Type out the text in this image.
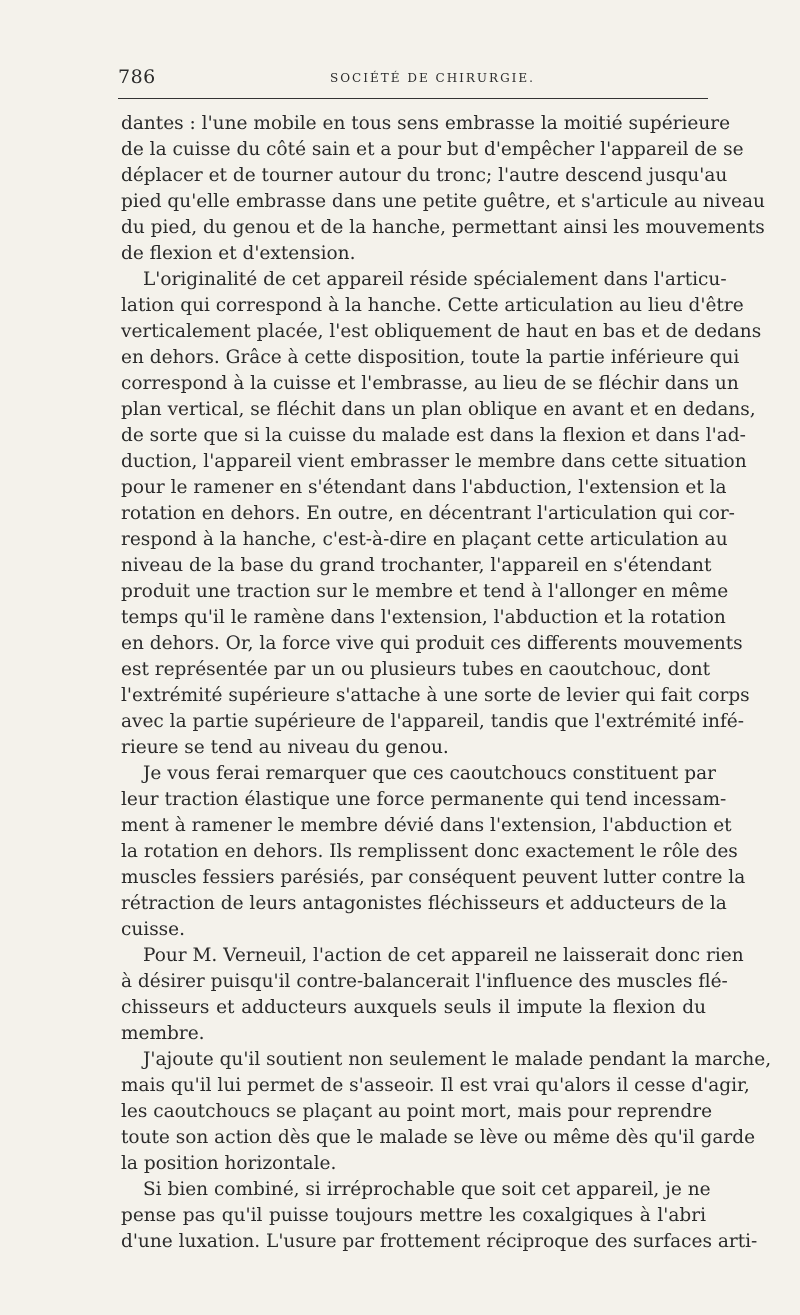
786	SOCIÉTÉ DE CHIRURGIE.
dantes : l'une mobile en tous sens embrasse la moitié supérieure
de la cuisse du côté sain et a pour but d'empêcher l'appareil de se
déplacer et de tourner autour du tronc; l'autre descend jusqu'au
pied qu'elle embrasse dans une petite guêtre, et s'articule au niveau
du pied, du genou et de la hanche, permettant ainsi les mouvements
de flexion et d'extension.
L'originalité de cet appareil réside spécialement dans l'articu-
lation qui correspond à la hanche. Cette articulation au lieu d'être
verticalement placée, l'est obliquement de haut en bas et de dedans
en dehors. Grâce à cette disposition, toute la partie inférieure qui
correspond à la cuisse et l'embrasse, au lieu de se fléchir dans un
plan vertical, se fléchit dans un plan oblique en avant et en dedans,
de sorte que si la cuisse du malade est dans la flexion et dans l'ad-
duction, l'appareil vient embrasser le membre dans cette situation
pour le ramener en s'étendant dans l'abduction, l'extension et la
rotation en dehors. En outre, en décentrant l'articulation qui cor-
respond à la hanche, c'est-à-dire en plaçant cette articulation au
niveau de la base du grand trochanter, l'appareil en s'étendant
produit une traction sur le membre et tend à l'allonger en même
temps qu'il le ramène dans l'extension, l'abduction et la rotation
en dehors. Or, la force vive qui produit ces differents mouvements
est représentée par un ou plusieurs tubes en caoutchouc, dont
l'extrémité supérieure s'attache à une sorte de levier qui fait corps
avec la partie supérieure de l'appareil, tandis que l'extrémité infé-
rieure se tend au niveau du genou.
Je vous ferai remarquer que ces caoutchoucs constituent par
leur traction élastique une force permanente qui tend incessam-
ment à ramener le membre dévié dans l'extension, l'abduction et
la rotation en dehors. Ils remplissent donc exactement le rôle des
muscles fessiers parésiés, par conséquent peuvent lutter contre la
rétraction de leurs antagonistes fléchisseurs et adducteurs de la
cuisse.
Pour M. Verneuil, l'action de cet appareil ne laisserait donc rien
à désirer puisqu'il contre-balancerait l'influence des muscles flé-
chisseurs et adducteurs auxquels seuls il impute la flexion du
membre.
J'ajoute qu'il soutient non seulement le malade pendant la marche,
mais qu'il lui permet de s'asseoir. Il est vrai qu'alors il cesse d'agir,
les caoutchoucs se plaçant au point mort, mais pour reprendre
toute son action dès que le malade se lève ou même dès qu'il garde
la position horizontale.
Si bien combiné, si irréprochable que soit cet appareil, je ne
pense pas qu'il puisse toujours mettre les coxalgiques à l'abri
d'une luxation. L'usure par frottement réciproque des surfaces arti-
